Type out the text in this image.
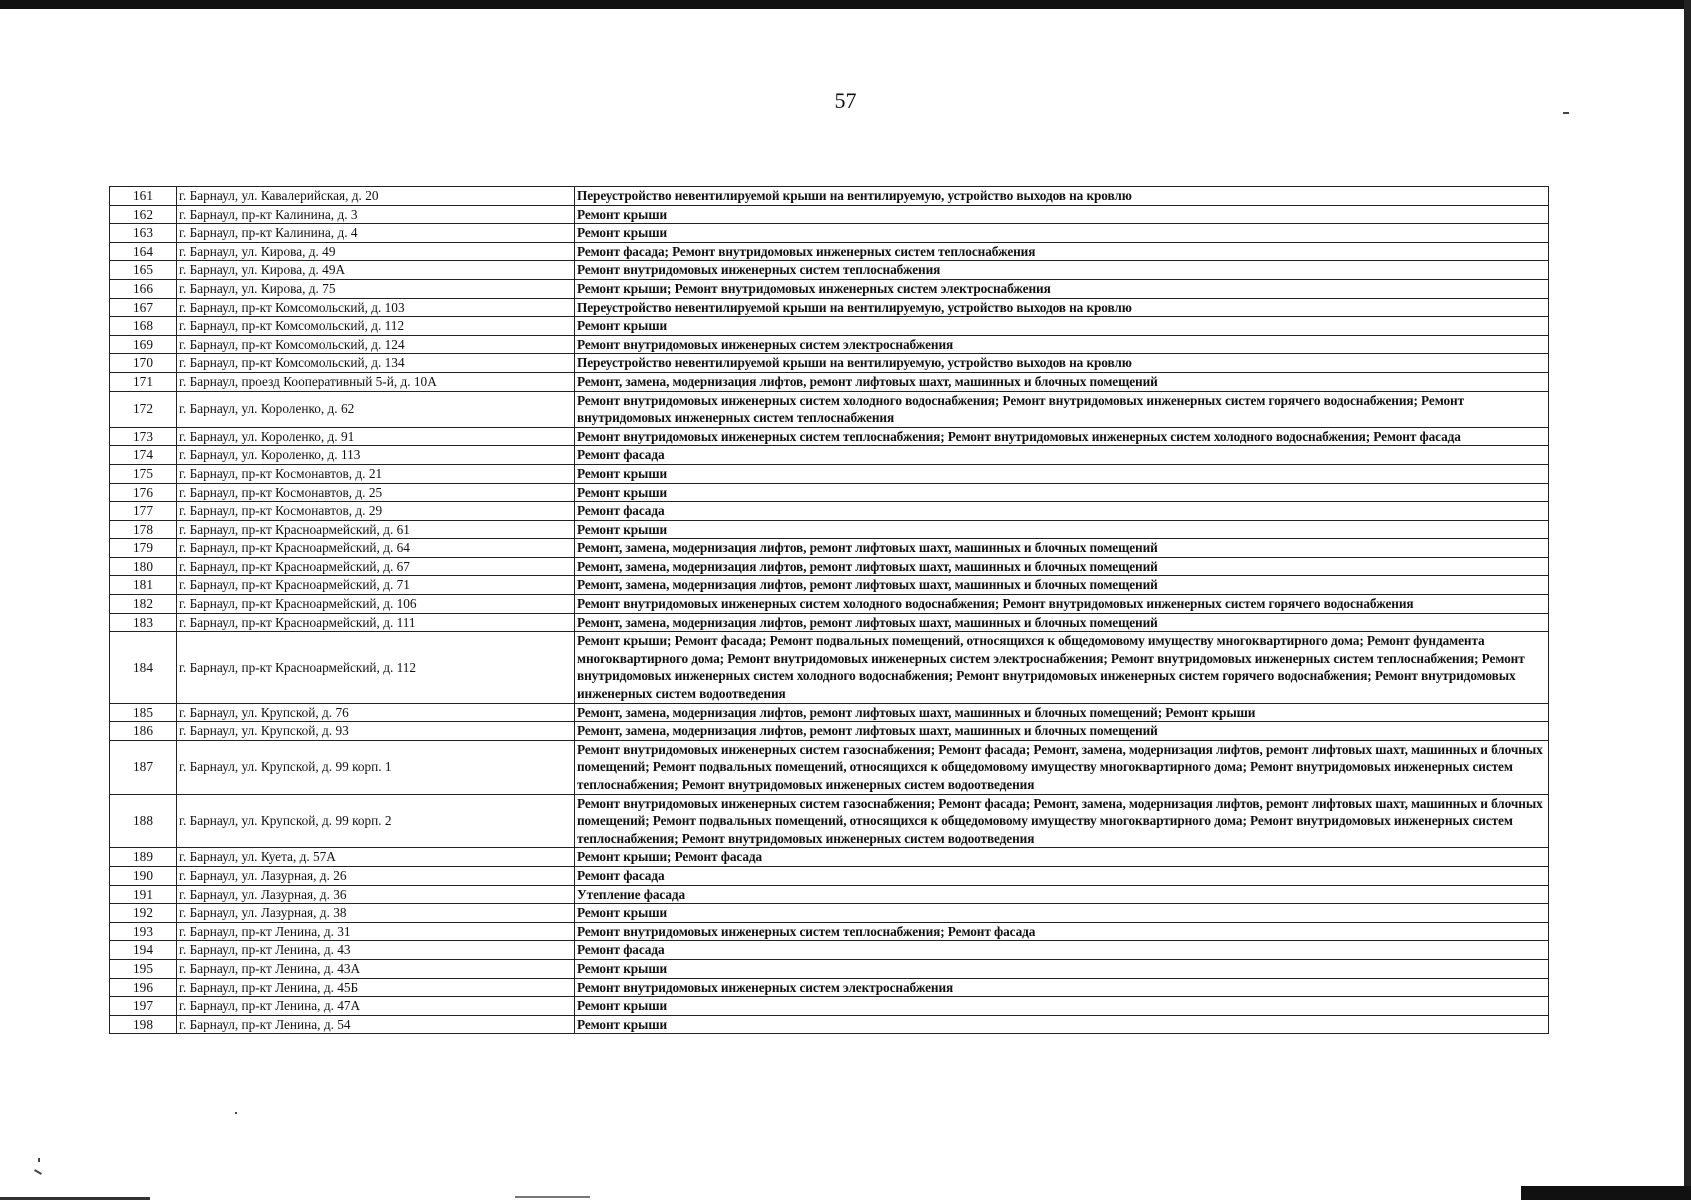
57
161	г. Барнаул, ул. Кавалерийская, д. 20	Переустройство невентилируемой крыши на вентилируемую, устройство выходов на кровлю
162	г. Барнаул, пр-кт Калинина, д. 3	Ремонт крыши
163	г. Барнаул, пр-кт Калинина, д. 4	Ремонт крыши
164	г. Барнаул, ул. Кирова, д. 49	Ремонт фасада; Ремонт внутридомовых инженерных систем теплоснабжения
165	г. Барнаул, ул. Кирова, д. 49А	Ремонт внутридомовых инженерных систем теплоснабжения
166	г. Барнаул, ул. Кирова, д. 75	Ремонт крыши; Ремонт внутридомовых инженерных систем электроснабжения
167	г. Барнаул, пр-кт Комсомольский, д. 103	Переустройство невентилируемой крыши на вентилируемую, устройство выходов на кровлю
168	г. Барнаул, пр-кт Комсомольский, д. 112	Ремонт крыши
169	г. Барнаул, пр-кт Комсомольский, д. 124	Ремонт внутридомовых инженерных систем электроснабжения
170	г. Барнаул, пр-кт Комсомольский, д. 134	Переустройство невентилируемой крыши на вентилируемую, устройство выходов на кровлю
171	г. Барнаул, проезд Кооперативный 5-й, д. 10А	Ремонт, замена, модернизация лифтов, ремонт лифтовых шахт, машинных и блочных помещений
172	г. Барнаул, ул. Короленко, д. 62	Ремонт внутридомовых инженерных систем холодного водоснабжения; Ремонт внутридомовых инженерных систем горячего водоснабжения; Ремонт внутридомовых инженерных систем теплоснабжения
173	г. Барнаул, ул. Короленко, д. 91	Ремонт внутридомовых инженерных систем теплоснабжения; Ремонт внутридомовых инженерных систем холодного водоснабжения; Ремонт фасада
174	г. Барнаул, ул. Короленко, д. 113	Ремонт фасада
175	г. Барнаул, пр-кт Космонавтов, д. 21	Ремонт крыши
176	г. Барнаул, пр-кт Космонавтов, д. 25	Ремонт крыши
177	г. Барнаул, пр-кт Космонавтов, д. 29	Ремонт фасада
178	г. Барнаул, пр-кт Красноармейский, д. 61	Ремонт крыши
179	г. Барнаул, пр-кт Красноармейский, д. 64	Ремонт, замена, модернизация лифтов, ремонт лифтовых шахт, машинных и блочных помещений
180	г. Барнаул, пр-кт Красноармейский, д. 67	Ремонт, замена, модернизация лифтов, ремонт лифтовых шахт, машинных и блочных помещений
181	г. Барнаул, пр-кт Красноармейский, д. 71	Ремонт, замена, модернизация лифтов, ремонт лифтовых шахт, машинных и блочных помещений
182	г. Барнаул, пр-кт Красноармейский, д. 106	Ремонт внутридомовых инженерных систем холодного водоснабжения; Ремонт внутридомовых инженерных систем горячего водоснабжения
183	г. Барнаул, пр-кт Красноармейский, д. 111	Ремонт, замена, модернизация лифтов, ремонт лифтовых шахт, машинных и блочных помещений
184	г. Барнаул, пр-кт Красноармейский, д. 112	Ремонт крыши; Ремонт фасада; Ремонт подвальных помещений, относящихся к общедомовому имуществу многоквартирного дома; Ремонт фундамента многоквартирного дома; Ремонт внутридомовых инженерных систем электроснабжения; Ремонт внутридомовых инженерных систем теплоснабжения; Ремонт внутридомовых инженерных систем холодного водоснабжения; Ремонт внутридомовых инженерных систем горячего водоснабжения; Ремонт внутридомовых инженерных систем водоотведения
185	г. Барнаул, ул. Крупской, д. 76	Ремонт, замена, модернизация лифтов, ремонт лифтовых шахт, машинных и блочных помещений; Ремонт крыши
186	г. Барнаул, ул. Крупской, д. 93	Ремонт, замена, модернизация лифтов, ремонт лифтовых шахт, машинных и блочных помещений
187	г. Барнаул, ул. Крупской, д. 99 корп. 1	Ремонт внутридомовых инженерных систем газоснабжения; Ремонт фасада; Ремонт, замена, модернизация лифтов, ремонт лифтовых шахт, машинных и блочных помещений; Ремонт подвальных помещений, относящихся к общедомовому имуществу многоквартирного дома; Ремонт внутридомовых инженерных систем теплоснабжения; Ремонт внутридомовых инженерных систем водоотведения
188	г. Барнаул, ул. Крупской, д. 99 корп. 2	Ремонт внутридомовых инженерных систем газоснабжения; Ремонт фасада; Ремонт, замена, модернизация лифтов, ремонт лифтовых шахт, машинных и блочных помещений; Ремонт подвальных помещений, относящихся к общедомовому имуществу многоквартирного дома; Ремонт внутридомовых инженерных систем теплоснабжения; Ремонт внутридомовых инженерных систем водоотведения
189	г. Барнаул, ул. Куета, д. 57А	Ремонт крыши; Ремонт фасада
190	г. Барнаул, ул. Лазурная, д. 26	Ремонт фасада
191	г. Барнаул, ул. Лазурная, д. 36	Утепление фасада
192	г. Барнаул, ул. Лазурная, д. 38	Ремонт крыши
193	г. Барнаул, пр-кт Ленина, д. 31	Ремонт внутридомовых инженерных систем теплоснабжения; Ремонт фасада
194	г. Барнаул, пр-кт Ленина, д. 43	Ремонт фасада
195	г. Барнаул, пр-кт Ленина, д. 43А	Ремонт крыши
196	г. Барнаул, пр-кт Ленина, д. 45Б	Ремонт внутридомовых инженерных систем электроснабжения
197	г. Барнаул, пр-кт Ленина, д. 47А	Ремонт крыши
198	г. Барнаул, пр-кт Ленина, д. 54	Ремонт крыши
